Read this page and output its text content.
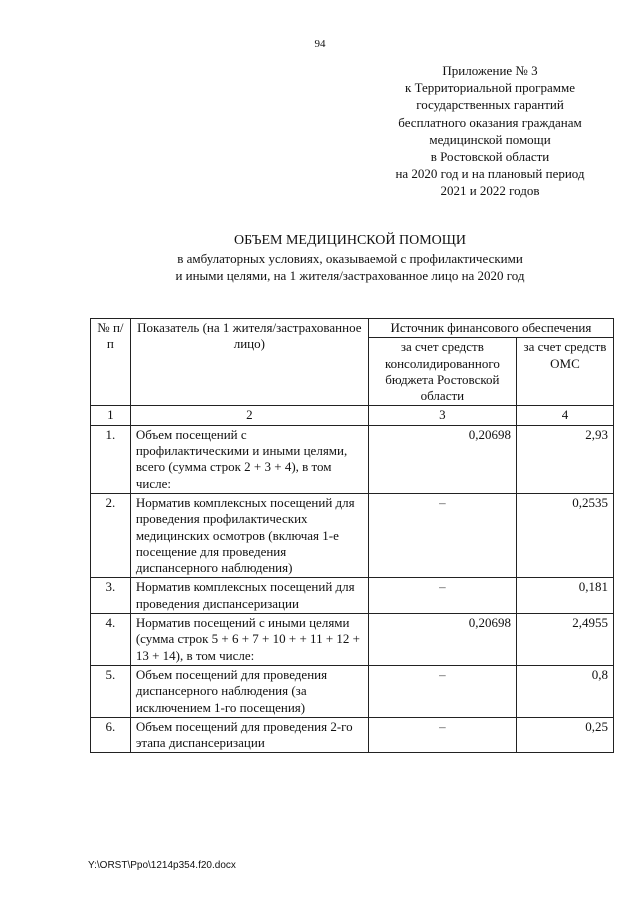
94
Приложение № 3
к Территориальной программе
государственных гарантий
бесплатного оказания гражданам
медицинской помощи
в Ростовской области
на 2020 год и на плановый период
2021 и 2022 годов
ОБЪЕМ МЕДИЦИНСКОЙ ПОМОЩИ
в амбулаторных условиях, оказываемой с профилактическими
и иными целями, на 1 жителя/застрахованное лицо на 2020 год
№ п/п	Показатель (на 1 жителя/застрахованное лицо)	Источник финансового обеспечения	
		за счет средств консолидированного бюджета Ростовской области	за счет средств ОМС
1	2	3	4
1.	Объем посещений с профилактическими и иными целями, всего (сумма строк 2 + 3 + 4), в том числе:	0,20698	2,93
2.	Норматив комплексных посещений для проведения профилактических медицинских осмотров (включая 1-е посещение для проведения диспансерного наблюдения)	–	0,2535
3.	Норматив комплексных посещений для проведения диспансеризации	–	0,181
4.	Норматив посещений с иными целями (сумма строк 5 + 6 + 7 + 10 + + 11 + 12 + 13 + 14), в том числе:	0,20698	2,4955
5.	Объем посещений для проведения диспансерного наблюдения (за исключением 1-го посещения)	–	0,8
6.	Объем посещений для проведения 2-го этапа диспансеризации	–	0,25
Y:\ORST\Ppo\1214p354.f20.docx
